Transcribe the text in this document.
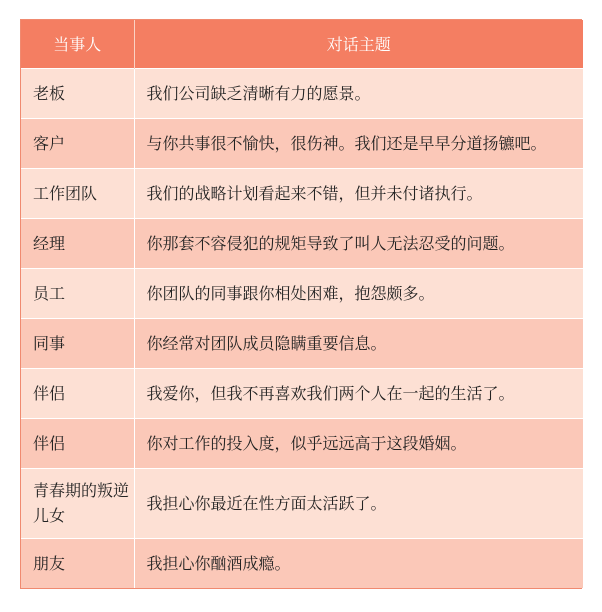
当事人	对话主题
老板	我们公司缺乏清晰有力的愿景。
客户	与你共事很不愉快，很伤神。我们还是早早分道扬镳吧。
工作团队	我们的战略计划看起来不错，但并未付诸执行。
经理	你那套不容侵犯的规矩导致了叫人无法忍受的问题。
员工	你团队的同事跟你相处困难，抱怨颇多。
同事	你经常对团队成员隐瞒重要信息。
伴侣	我爱你，但我不再喜欢我们两个人在一起的生活了。
伴侣	你对工作的投入度，似乎远远高于这段婚姻。
青春期的叛逆儿女	我担心你最近在性方面太活跃了。
朋友	我担心你酗酒成瘾。
